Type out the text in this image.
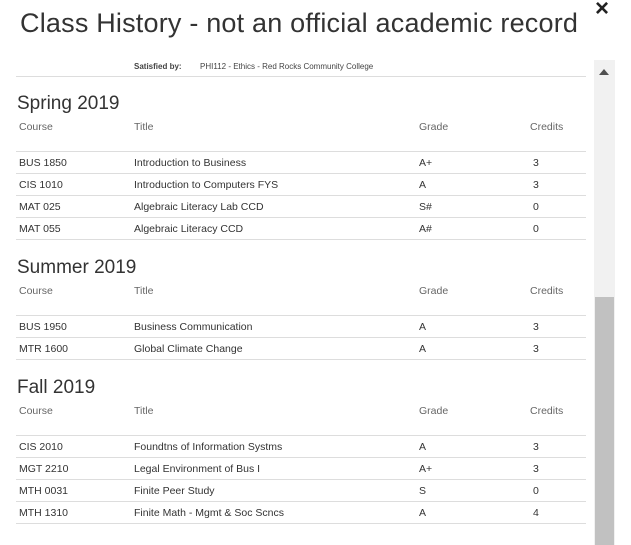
Class History - not an official academic record ×
Satisfied by: PHI112 - Ethics - Red Rocks Community College
Spring 2019
Course	Title	Grade	Credits
BUS 1850	Introduction to Business	A+	3
CIS 1010	Introduction to Computers FYS	A	3
MAT 025	Algebraic Literacy Lab CCD	S#	0
MAT 055	Algebraic Literacy CCD	A#	0
Summer 2019
Course	Title	Grade	Credits
BUS 1950	Business Communication	A	3
MTR 1600	Global Climate Change	A	3
Fall 2019
Course	Title	Grade	Credits
CIS 2010	Foundtns of Information Systms	A	3
MGT 2210	Legal Environment of Bus I	A+	3
MTH 0031	Finite Peer Study	S	0
MTH 1310	Finite Math - Mgmt & Soc Scncs	A	4
